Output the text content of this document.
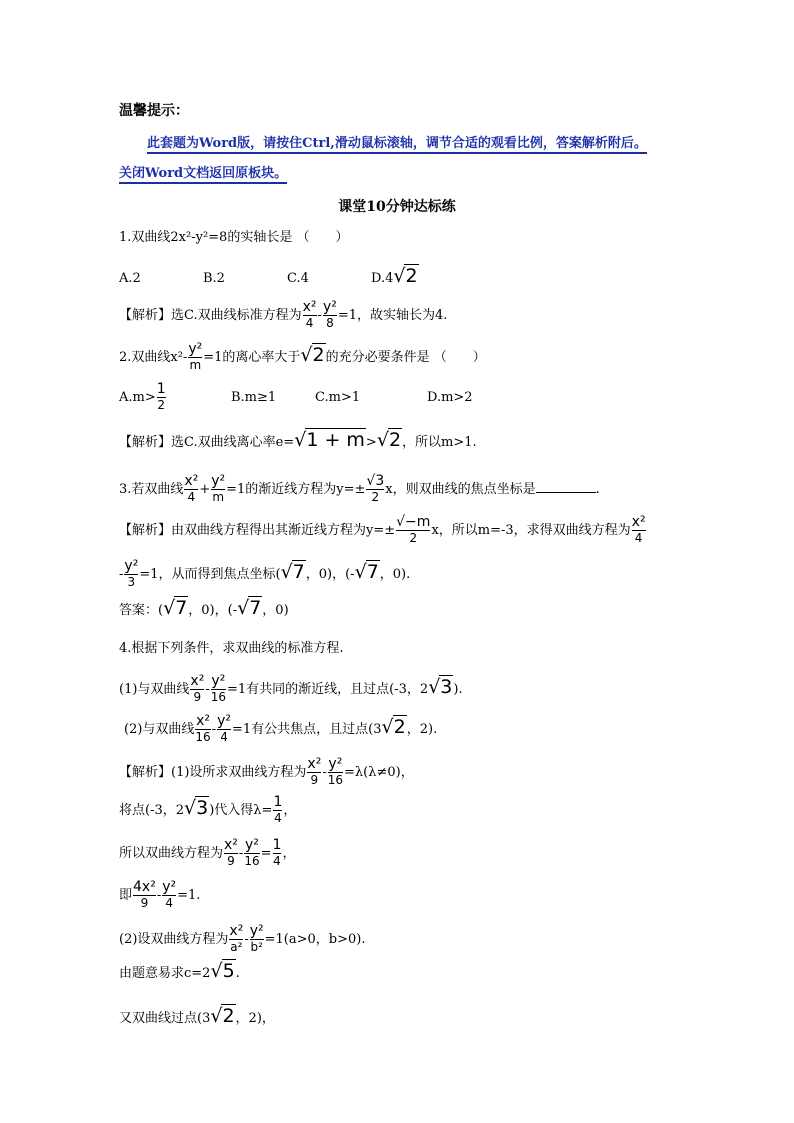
温馨提示：
此套题为Word版，请按住Ctrl,滑动鼠标滚轴，调节合适的观看比例，答案解析附后。
关闭Word文档返回原板块。
课堂10分钟达标练
1.双曲线2x²-y²=8的实轴长是 （　　）
A.2	B.2	C.4	D.4√2
【解析】选C.双曲线标准方程为 $\frac{\text{x²}}{4} - \frac{\text{y²}}{8} =1$，故实轴长为4.
2.双曲线$x^2- \frac{\text{y²}}{m} =1$的离心率大于√2的充分必要条件是 （　　）
$A.m> \frac{1}{2}$	B.m≥1	C.m>1	D.m>2
【解析】选C.双曲线离心率e=√1 + m>√2，所以m>1.
3.若双曲线 $\frac{\text{x²}}{4} + \frac{\text{y²}}{m} =1$的渐近线方程为$y=\pm \frac{√3}{2}$ x，则双曲线的焦点坐标是	.
【解析】由双曲线方程得出其渐近线方程为$y=\pm \frac{√-m}{2}$ x，所以m=-3，求得双曲线方程为 $\frac{\text{x²}}{4}$
- $\frac{\text{y²}}{3} =1$，从而得到焦点坐标(√7，0)，(-√7，0).
答案：(√7，0)，(-√7，0)
4.根据下列条件，求双曲线的标准方程.
(1)与双曲线 $\frac{\text{x²}}{9} - \frac{\text{y²}}{16} =1$有共同的渐近线，且过点(-3，2√3).
(2)与双曲线 $\frac{\text{x²}}{16} - \frac{\text{y²}}{4} =1$有公共焦点，且过点(3√2，2).
【解析】(1)设所求双曲线方程为 $\frac{\text{x²}}{9} - \frac{\text{y²}}{16} =\lambda(\lambda\ne 0)$，
将点(-3，2√3)代入得$\lambda= \frac{1}{4}$ ，
所以双曲线方程为 $\frac{\text{x²}}{9} - \frac{\text{y²}}{16} = \frac{1}{4}$ ，
即 $\frac{\text{4x²}}{9} - \frac{\text{y²}}{4} =1$.
(2)设双曲线方程为 $\frac{\text{x²}}{\text{a²}} - \frac{\text{y²}}{\text{b²}} =1(a>0$，b>0).
由题意易求c=2√5.
又双曲线过点(3√2，2)，
